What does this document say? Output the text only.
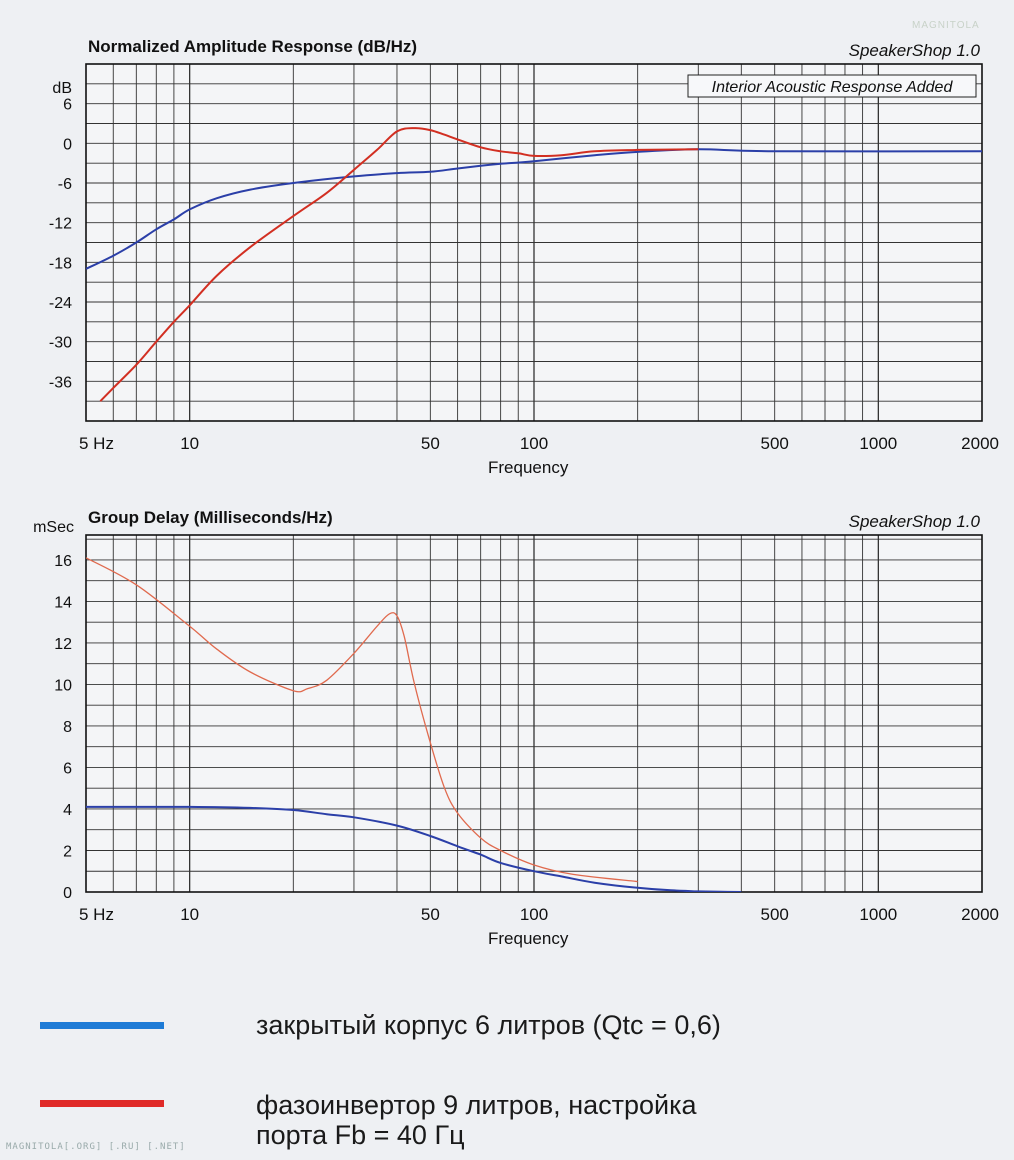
Normalized Amplitude Response (dB/Hz)	SpeakerShop 1.0
Interior Acoustic Response Added
dB
6
0
-6
-12
-18
-24
-30
-36
5 Hz	10	50	100	500	1000	2000
Frequency
Group Delay (Milliseconds/Hz)	SpeakerShop 1.0
mSec
16
14
12
10
8
6
4
2
0
5 Hz	10	50	100	500	1000	2000
Frequency
MAGNITOLA
закрытый корпус 6 литров (Qtc = 0,6)
фазоинвертор 9 литров, настройка
порта Fb = 40 Гц
MAGNITOLA[.ORG] [.RU] [.NET]
